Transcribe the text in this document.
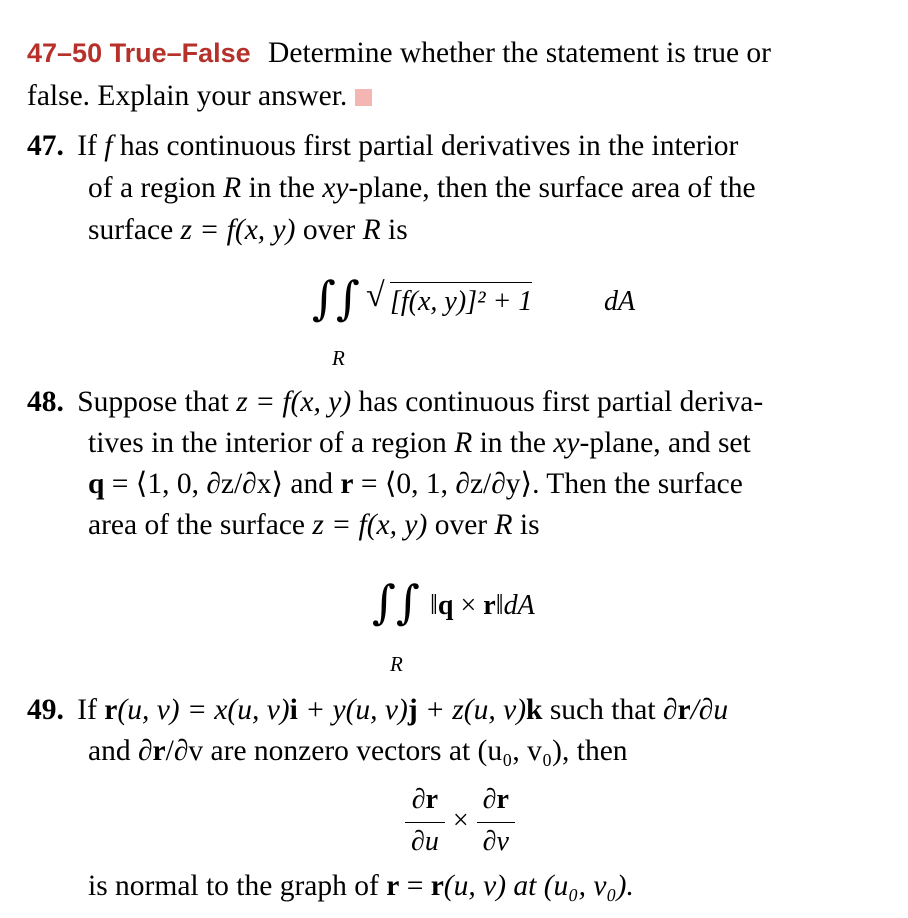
47–50 True–False Determine whether the statement is true or
false. Explain your answer.
47. If f has continuous first partial derivatives in the interior
of a region R in the xy-plane, then the surface area of the
surface z = f(x, y) over R is
∫∫ √ [f(x, y)]² + 1	dA
R
48. Suppose that z = f(x, y) has continuous first partial deriva-
tives in the interior of a region R in the xy-plane, and set
q = ⟨1, 0, ∂z/∂x⟩ and r = ⟨0, 1, ∂z/∂y⟩. Then the surface
area of the surface z = f(x, y) over R is
∫∫ ‖q × r‖dA
R
49. If r(u, v) = x(u, v)i + y(u, v)j + z(u, v)k such that ∂r/∂u
and ∂r/∂v are nonzero vectors at (u₀, v₀), then
$\frac{\partial r}{\partial u} \times \frac{\partial r}{\partial v}$
is normal to the graph of r = r(u, v) at (u₀, v₀).
